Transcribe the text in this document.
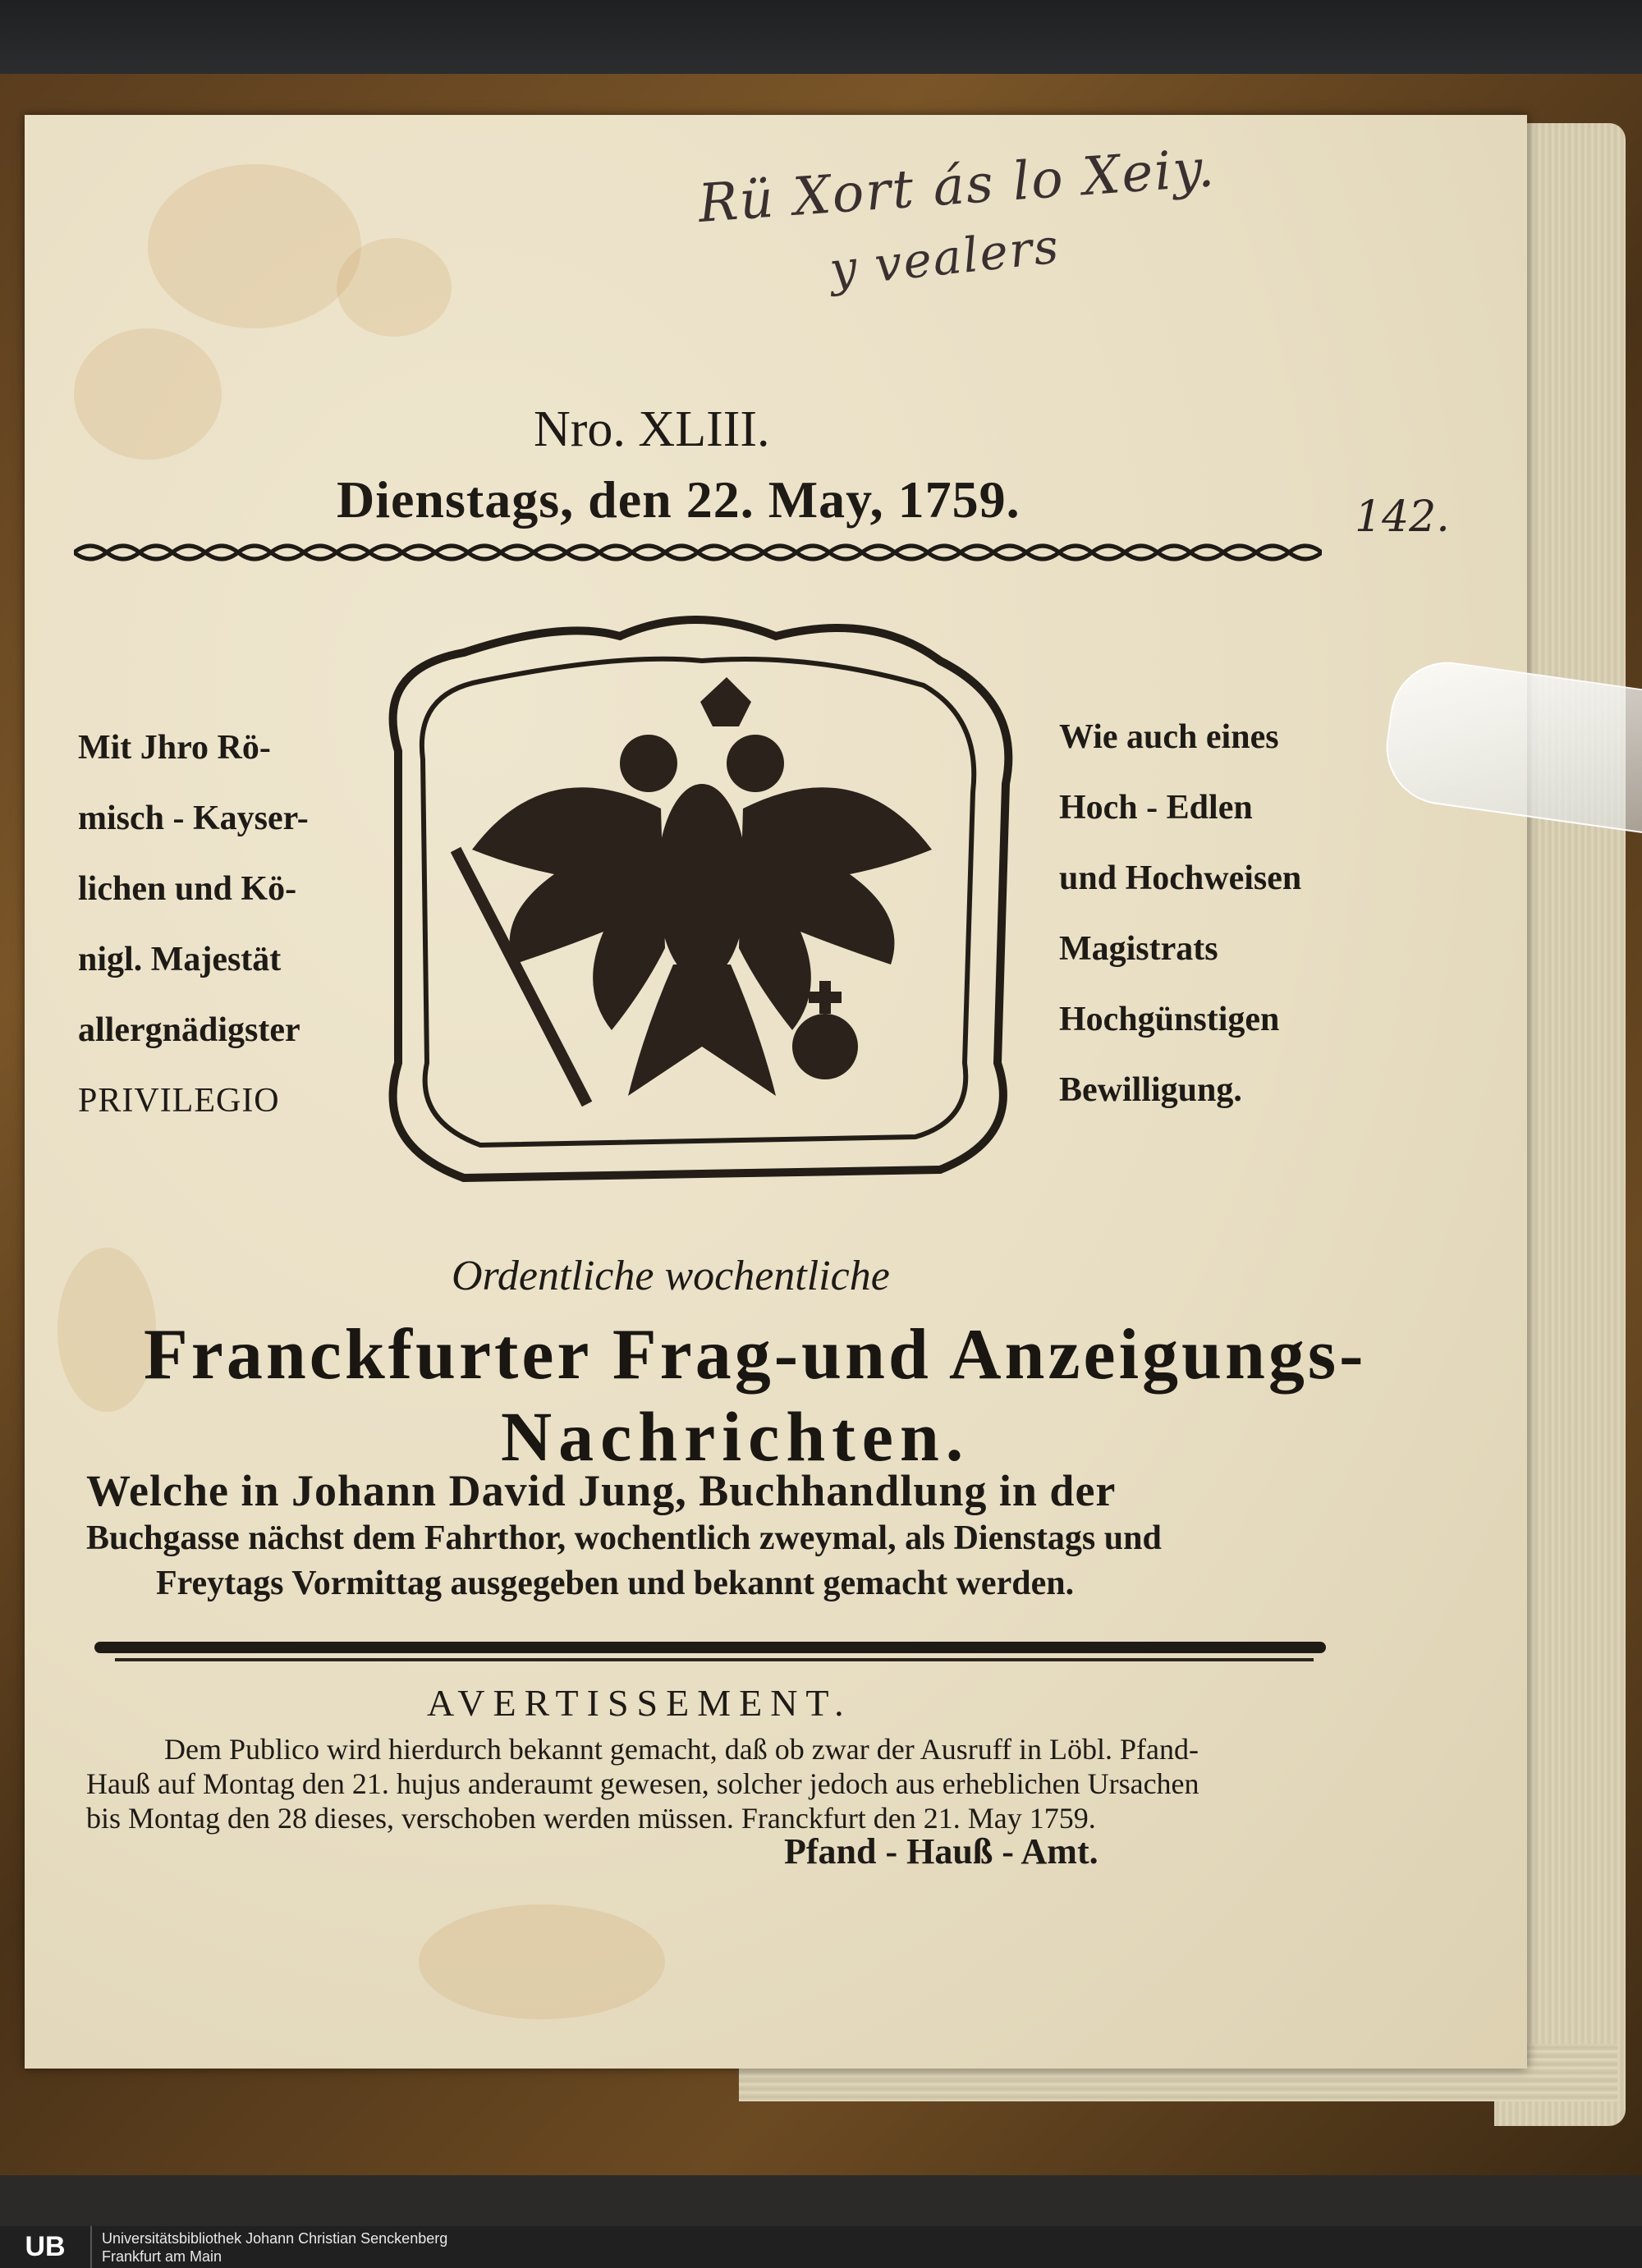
Rü Xort ás lo Xeiy.
y vealers
142.
Nro. XLIII.
Dienstags, den 22. May, 1759.
Mit Jhro Rö-
misch - Kayser-
lichen und Kö-
nigl. Majestät
allergnädigster
PRIVILEGIO
Wie auch eines
Hoch - Edlen
und Hochweisen
Magistrats
Hochgünstigen
Bewilligung.
Ordentliche wochentliche
Franckfurter Frag-und Anzeigungs-
Nachrichten.
Welche in Johann David Jung, Buchhandlung in der
Buchgasse nächst dem Fahrthor, wochentlich zweymal, als Dienstags und
Freytags Vormittag ausgegeben und bekannt gemacht werden.
AVERTISSEMENT.
Dem Publico wird hierdurch bekannt gemacht, daß ob zwar der Ausruff in Löbl. Pfand-
Hauß auf Montag den 21. hujus anderaumt gewesen, solcher jedoch aus erheblichen Ursachen
bis Montag den 28 dieses, verschoben werden müssen. Franckfurt den 21. May 1759.
Pfand - Hauß - Amt.
UB	Universitätsbibliothek Johann Christian Senckenberg
Frankfurt am Main
